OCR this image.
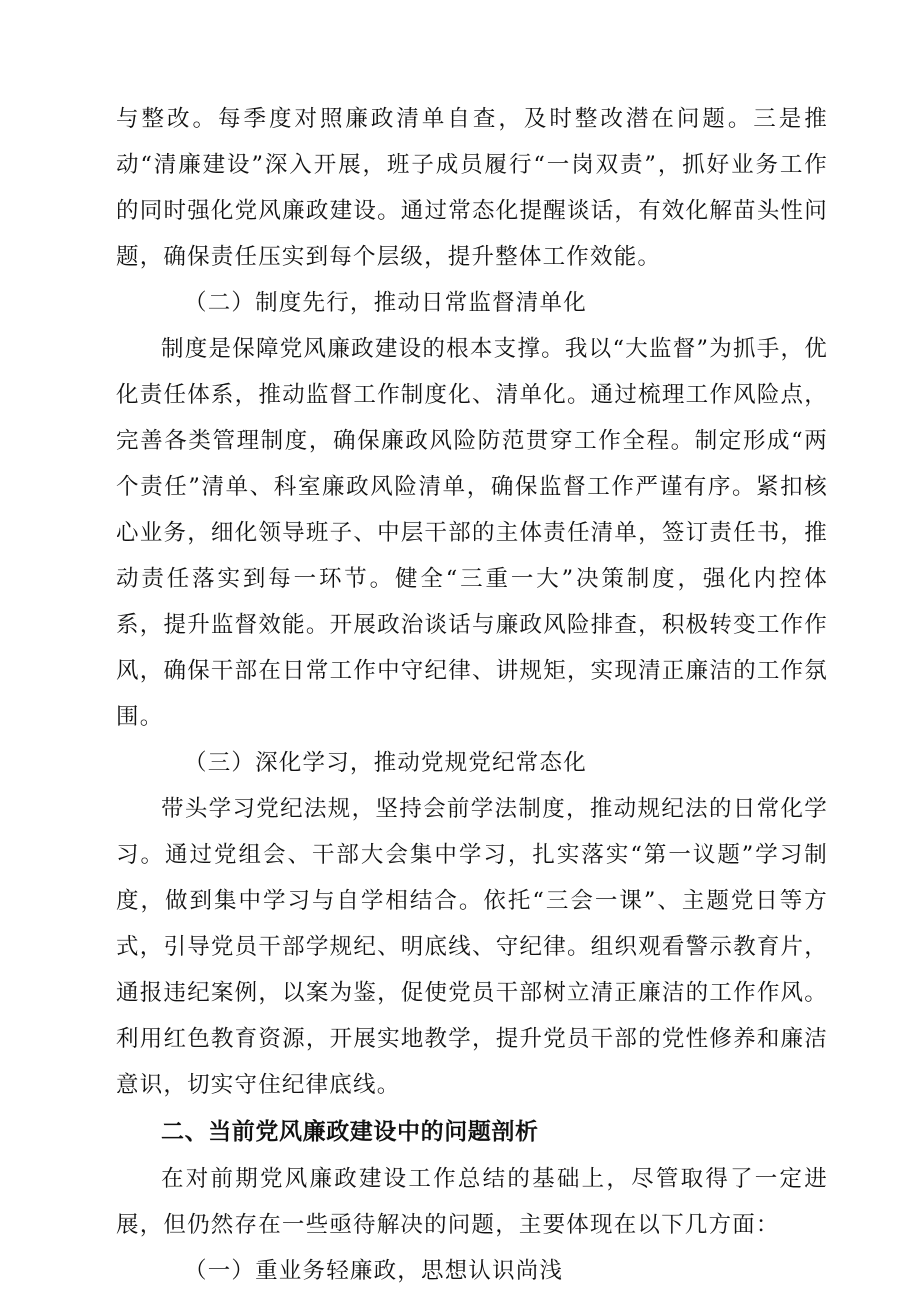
与整改。每季度对照廉政清单自查，及时整改潜在问题。三是推动“清廉建设”深入开展，班子成员履行“一岗双责”，抓好业务工作的同时强化党风廉政建设。通过常态化提醒谈话，有效化解苗头性问题，确保责任压实到每个层级，提升整体工作效能。

（二）制度先行，推动日常监督清单化

制度是保障党风廉政建设的根本支撑。我以“大监督”为抓手，优化责任体系，推动监督工作制度化、清单化。通过梳理工作风险点，完善各类管理制度，确保廉政风险防范贯穿工作全程。制定形成“两个责任”清单、科室廉政风险清单，确保监督工作严谨有序。紧扣核心业务，细化领导班子、中层干部的主体责任清单，签订责任书，推动责任落实到每一环节。健全“三重一大”决策制度，强化内控体系，提升监督效能。开展政治谈话与廉政风险排查，积极转变工作作风，确保干部在日常工作中守纪律、讲规矩，实现清正廉洁的工作氛围。

（三）深化学习，推动党规党纪常态化

带头学习党纪法规，坚持会前学法制度，推动规纪法的日常化学习。通过党组会、干部大会集中学习，扎实落实“第一议题”学习制度，做到集中学习与自学相结合。依托“三会一课”、主题党日等方式，引导党员干部学规纪、明底线、守纪律。组织观看警示教育片，通报违纪案例，以案为鉴，促使党员干部树立清正廉洁的工作作风。利用红色教育资源，开展实地教学，提升党员干部的党性修养和廉洁意识，切实守住纪律底线。

二、当前党风廉政建设中的问题剖析

在对前期党风廉政建设工作总结的基础上，尽管取得了一定进展，但仍然存在一些亟待解决的问题，主要体现在以下几方面：

（一）重业务轻廉政，思想认识尚浅
